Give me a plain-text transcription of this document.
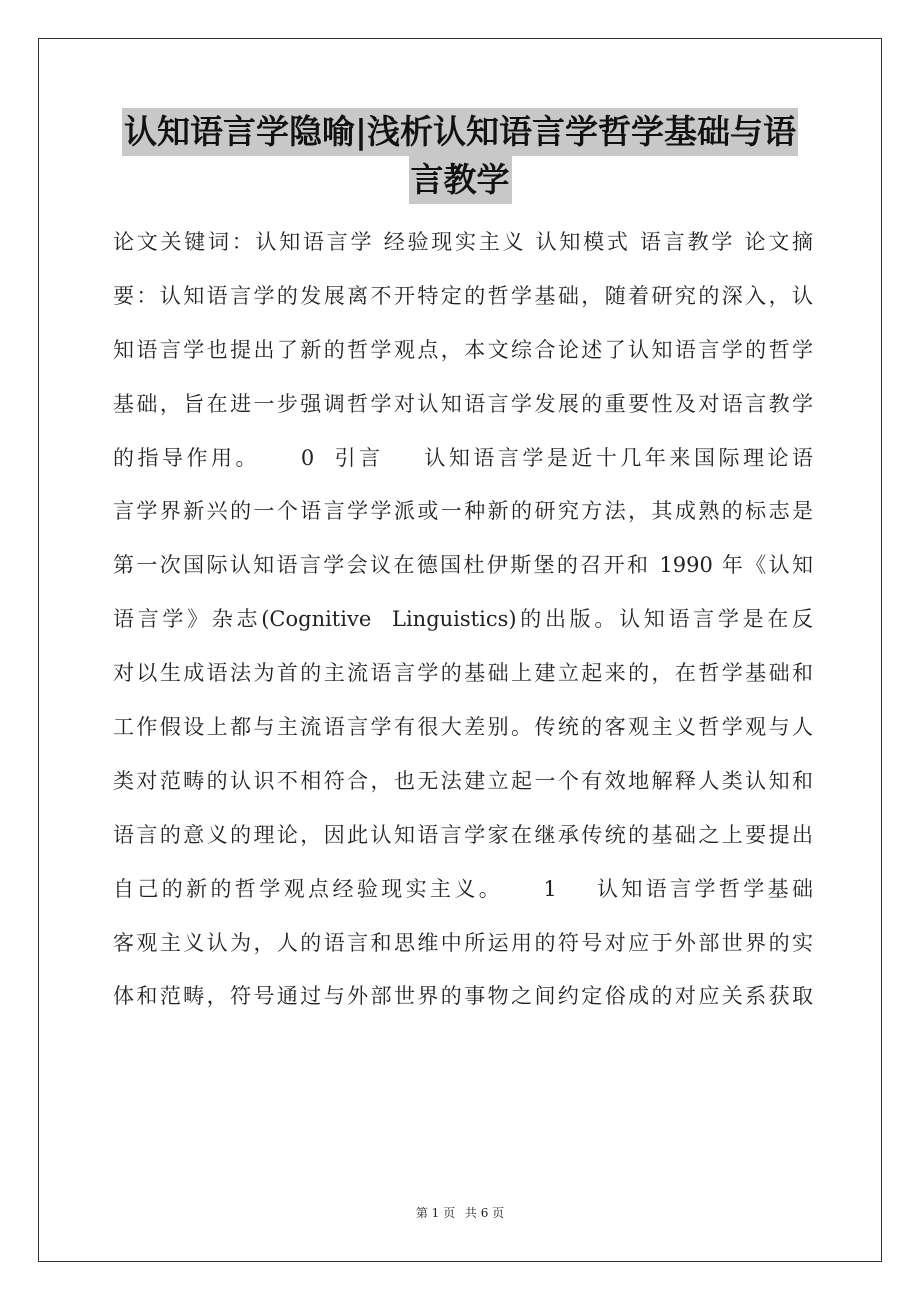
认知语言学隐喻|浅析认知语言学哲学基础与语
言教学
论文关键词：认知语言学 经验现实主义 认知模式 语言教学 论文摘
要：认知语言学的发展离不开特定的哲学基础，随着研究的深入，认
知语言学也提出了新的哲学观点，本文综合论述了认知语言学的哲学
基础，旨在进一步强调哲学对认知语言学发展的重要性及对语言教学
的指导作用。    0  引言    认知语言学是近十几年来国际理论语
言学界新兴的一个语言学学派或一种新的研究方法，其成熟的标志是
第一次国际认知语言学会议在德国杜伊斯堡的召开和 1990 年《认知
语言学》杂志(Cognitive  Linguistics)的出版。认知语言学是在反
对以生成语法为首的主流语言学的基础上建立起来的，在哲学基础和
工作假设上都与主流语言学有很大差别。传统的客观主义哲学观与人
类对范畴的认识不相符合，也无法建立起一个有效地解释人类认知和
语言的意义的理论，因此认知语言学家在继承传统的基础之上要提出
自己的新的哲学观点经验现实主义。    1    认知语言学哲学基础
客观主义认为，人的语言和思维中所运用的符号对应于外部世界的实
体和范畴，符号通过与外部世界的事物之间约定俗成的对应关系获取
第 1 页 共 6 页
